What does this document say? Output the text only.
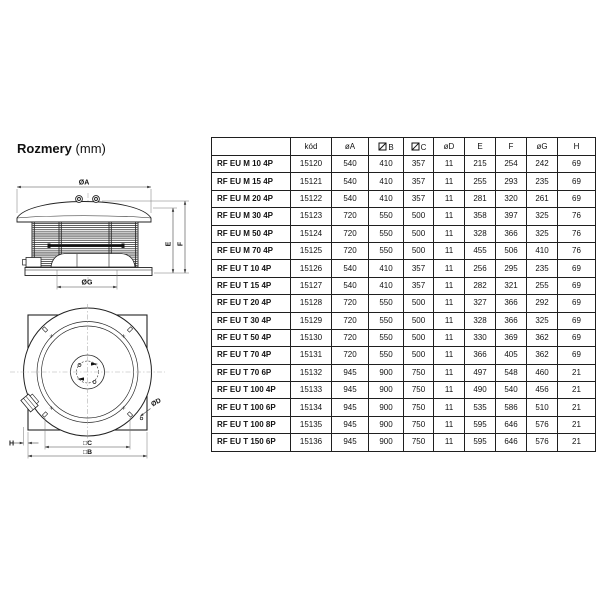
Rozmery (mm)
ØA
E F
ØG
H	□C
□B
ØD
	kód	øA	B	C	øD	E	F	øG	H
RF EU M 10 4P	15120	540	410	357	11	215	254	242	69
RF EU M 15 4P	15121	540	410	357	11	255	293	235	69
RF EU M 20 4P	15122	540	410	357	11	281	320	261	69
RF EU M 30 4P	15123	720	550	500	11	358	397	325	76
RF EU M 50 4P	15124	720	550	500	11	328	366	325	76
RF EU M 70 4P	15125	720	550	500	11	455	506	410	76
RF EU T 10 4P	15126	540	410	357	11	256	295	235	69
RF EU T 15 4P	15127	540	410	357	11	282	321	255	69
RF EU T 20 4P	15128	720	550	500	11	327	366	292	69
RF EU T 30 4P	15129	720	550	500	11	328	366	325	69
RF EU T 50 4P	15130	720	550	500	11	330	369	362	69
RF EU T 70 4P	15131	720	550	500	11	366	405	362	69
RF EU T 70 6P	15132	945	900	750	11	497	548	460	21
RF EU T 100 4P	15133	945	900	750	11	490	540	456	21
RF EU T 100 6P	15134	945	900	750	11	535	586	510	21
RF EU T 100 8P	15135	945	900	750	11	595	646	576	21
RF EU T 150 6P	15136	945	900	750	11	595	646	576	21
